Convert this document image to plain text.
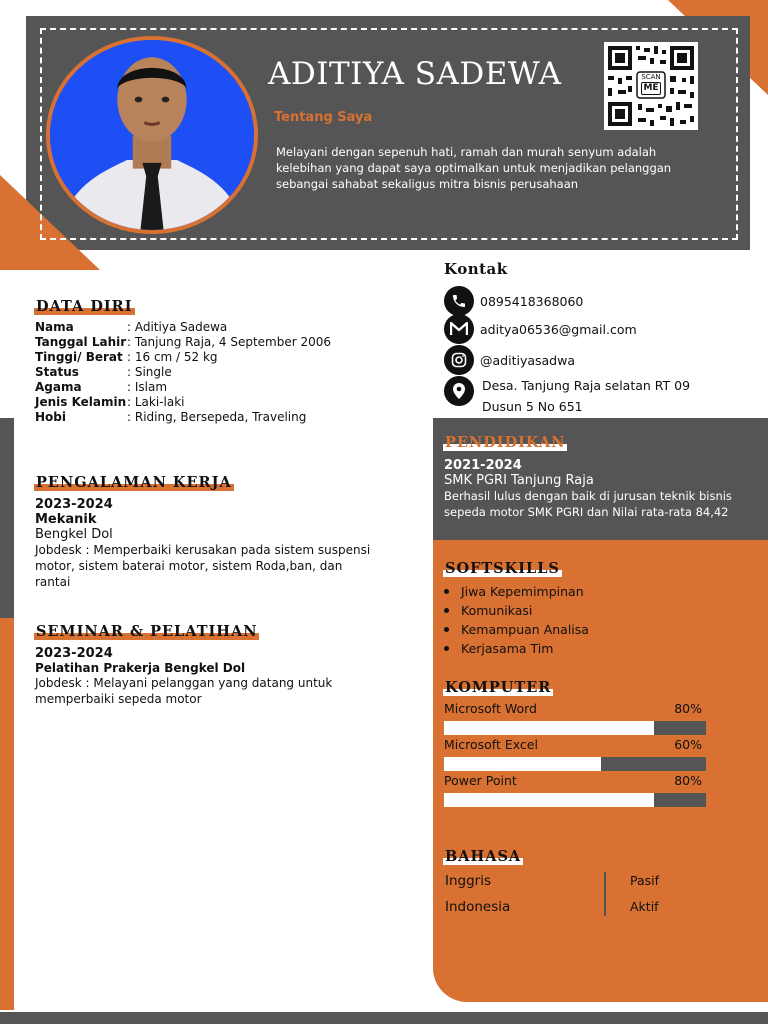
ADITIYA SADEWA
Tentang Saya
Melayani dengan sepenuh hati, ramah dan murah senyum adalah kelebihan yang dapat saya optimalkan untuk menjadikan pelanggan sebangai sahabat sekaligus mitra bisnis perusahaan
SCAN
ME
DATA DIRI
Nama	: Aditiya Sadewa
Tanggal Lahir : Tanjung Raja, 4 September 2006
Tinggi/ Berat : 16 cm / 52 kg
Status	: Single
Agama	: Islam
Jenis Kelamin : Laki-laki
Hobi	: Riding, Bersepeda, Traveling
PENGALAMAN KERJA
2023-2024
Mekanik
Bengkel Dol
Jobdesk : Memperbaiki kerusakan pada sistem suspensi motor, sistem baterai motor, sistem Roda,ban, dan rantai
SEMINAR & PELATIHAN
2023-2024
Pelatihan Prakerja Bengkel Dol
Jobdesk : Melayani pelanggan yang datang untuk memperbaiki sepeda motor
Kontak
0895418368060
aditya06536@gmail.com
@aditiyasadwa
Desa. Tanjung Raja selatan RT 09
Dusun 5 No 651
PENDIDIKAN
2021-2024
SMK PGRI Tanjung Raja
Berhasil lulus dengan baik di jurusan teknik bisnis sepeda motor SMK PGRI dan Nilai rata-rata 84,42
SOFTSKILLS
Jiwa Kepemimpinan
Komunikasi
Kemampuan Analisa
Kerjasama Tim
KOMPUTER
Microsoft Word	80%
Microsoft Excel	60%
Power Point	80%
BAHASA
Inggris	Pasif
Indonesia	Aktif
